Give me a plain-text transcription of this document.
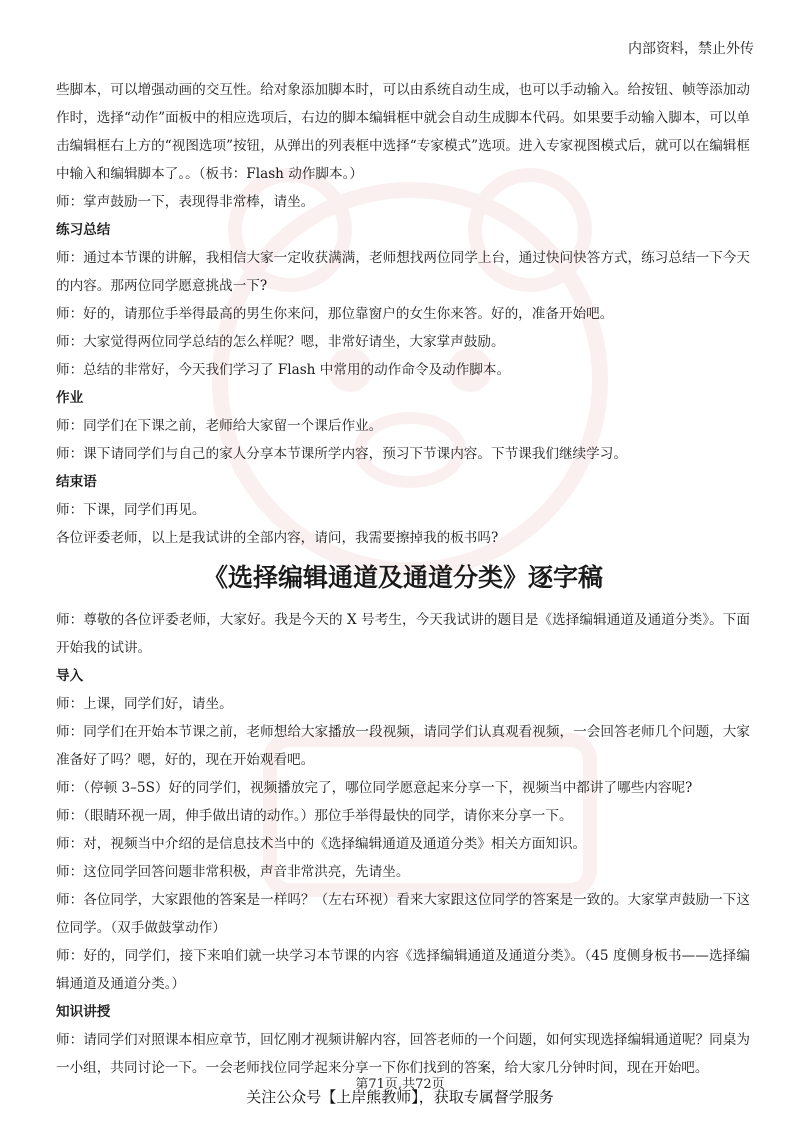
内部资料，禁止外传

些脚本，可以增强动画的交互性。给对象添加脚本时，可以由系统自动生成，也可以手动输入。给按钮、帧等添加动作时，选择“动作”面板中的相应选项后，右边的脚本编辑框中就会自动生成脚本代码。如果要手动输入脚本，可以单击编辑框右上方的“视图选项”按钮，从弹出的列表框中选择“专家模式”选项。进入专家视图模式后，就可以在编辑框中输入和编辑脚本了。。（板书：Flash 动作脚本。）

师：掌声鼓励一下，表现得非常棒，请坐。

练习总结

师：通过本节课的讲解，我相信大家一定收获满满，老师想找两位同学上台，通过快问快答方式，练习总结一下今天的内容。那两位同学愿意挑战一下?

师：好的，请那位手举得最高的男生你来问，那位靠窗户的女生你来答。好的，准备开始吧。

师：大家觉得两位同学总结的怎么样呢？嗯，非常好请坐，大家掌声鼓励。

师：总结的非常好，今天我们学习了 Flash 中常用的动作命令及动作脚本。

作业

师：同学们在下课之前，老师给大家留一个课后作业。

师：课下请同学们与自己的家人分享本节课所学内容，预习下节课内容。下节课我们继续学习。

结束语

师：下课，同学们再见。

各位评委老师，以上是我试讲的全部内容，请问，我需要擦掉我的板书吗?

《选择编辑通道及通道分类》逐字稿

师：尊敬的各位评委老师，大家好。我是今天的 X 号考生，今天我试讲的题目是《选择编辑通道及通道分类》。下面开始我的试讲。

导入

师：上课，同学们好，请坐。

师：同学们在开始本节课之前，老师想给大家播放一段视频，请同学们认真观看视频，一会回答老师几个问题，大家准备好了吗？嗯，好的，现在开始观看吧。

师：（停顿 3–5S）好的同学们，视频播放完了，哪位同学愿意起来分享一下，视频当中都讲了哪些内容呢?

师：（眼睛环视一周，伸手做出请的动作。）那位手举得最快的同学，请你来分享一下。

师：对，视频当中介绍的是信息技术当中的《选择编辑通道及通道分类》相关方面知识。

师：这位同学回答问题非常积极，声音非常洪亮，先请坐。

师：各位同学，大家跟他的答案是一样吗？（左右环视）看来大家跟这位同学的答案是一致的。大家掌声鼓励一下这位同学。（双手做鼓掌动作）

师：好的，同学们，接下来咱们就一块学习本节课的内容《选择编辑通道及通道分类》。（45 度侧身板书——选择编辑通道及通道分类。）

知识讲授

师：请同学们对照课本相应章节，回忆刚才视频讲解内容，回答老师的一个问题，如何实现选择编辑通道呢？同桌为一小组，共同讨论一下。一会老师找位同学起来分享一下你们找到的答案，给大家几分钟时间，现在开始吧。

第71页,共72页
关注公众号【上岸熊教师】，获取专属督学服务
